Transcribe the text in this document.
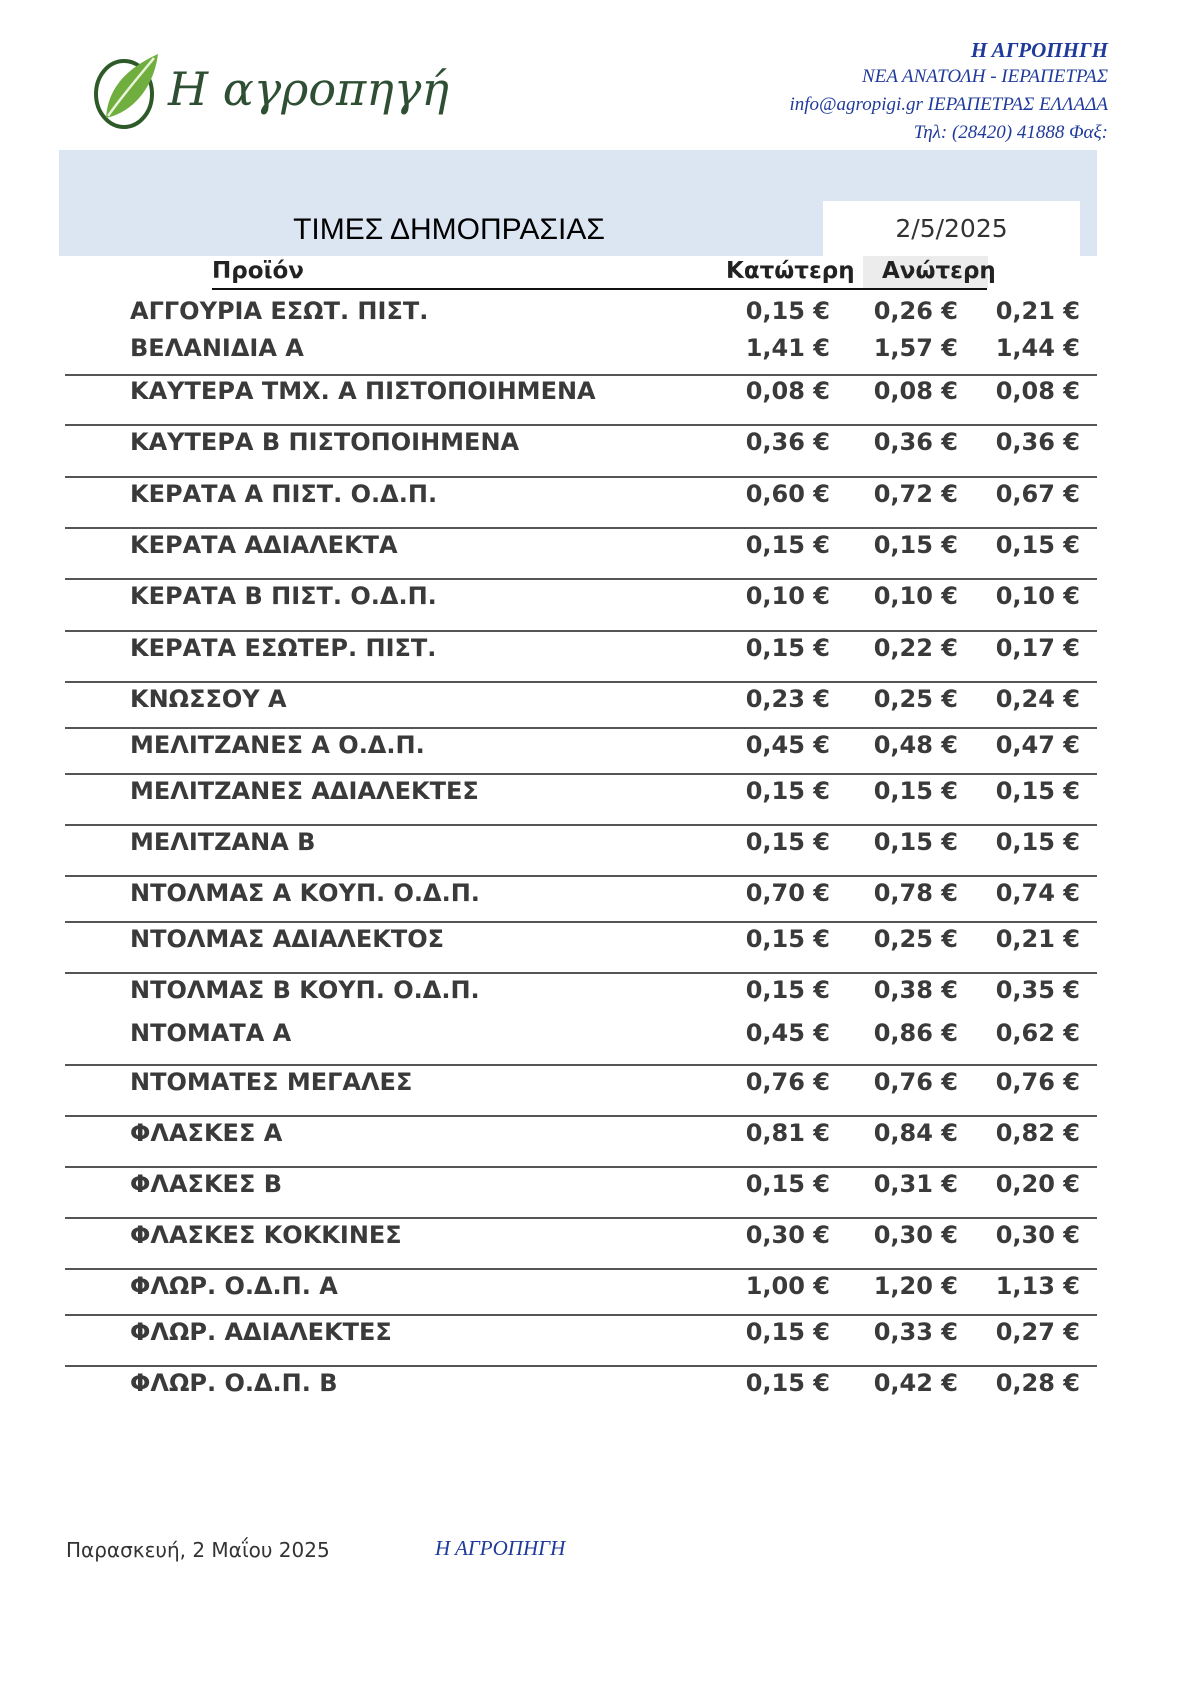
Η αγροπηγή
Η ΑΓΡΟΠΗΓΗ
ΝΕΑ ΑΝΑΤΟΛΗ - ΙΕΡΑΠΕΤΡΑΣ
info@agropigi.gr ΙΕΡΑΠΕΤΡΑΣ ΕΛΛΑΔΑ
Τηλ: (28420) 41888 Φαξ:
ΤΙΜΕΣ ΔΗΜΟΠΡΑΣΙΑΣ	2/5/2025
Προϊόν	Κατώτερη Ανώτερη
ΑΓΓΟΥΡΙΑ ΕΣΩΤ. ΠΙΣΤ.	0,15 €	0,26 €	0,21 €
ΒΕΛΑΝΙΔΙΑ Α	1,41 €	1,57 €	1,44 €
ΚΑΥΤΕΡΑ ΤΜΧ. Α ΠΙΣΤΟΠΟΙΗΜΕΝΑ	0,08 €	0,08 €	0,08 €
ΚΑΥΤΕΡΑ Β ΠΙΣΤΟΠΟΙΗΜΕΝΑ	0,36 €	0,36 €	0,36 €
ΚΕΡΑΤΑ Α ΠΙΣΤ. Ο.Δ.Π.	0,60 €	0,72 €	0,67 €
ΚΕΡΑΤΑ ΑΔΙΑΛΕΚΤΑ	0,15 €	0,15 €	0,15 €
ΚΕΡΑΤΑ Β ΠΙΣΤ. Ο.Δ.Π.	0,10 €	0,10 €	0,10 €
ΚΕΡΑΤΑ ΕΣΩΤΕΡ. ΠΙΣΤ.	0,15 €	0,22 €	0,17 €
ΚΝΩΣΣΟΥ Α	0,23 €	0,25 €	0,24 €
ΜΕΛΙΤΖΑΝΕΣ Α Ο.Δ.Π.	0,45 €	0,48 €	0,47 €
ΜΕΛΙΤΖΑΝΕΣ ΑΔΙΑΛΕΚΤΕΣ	0,15 €	0,15 €	0,15 €
ΜΕΛΙΤΖΑΝΑ Β	0,15 €	0,15 €	0,15 €
ΝΤΟΛΜΑΣ Α ΚΟΥΠ. Ο.Δ.Π.	0,70 €	0,78 €	0,74 €
ΝΤΟΛΜΑΣ ΑΔΙΑΛΕΚΤΟΣ	0,15 €	0,25 €	0,21 €
ΝΤΟΛΜΑΣ Β ΚΟΥΠ. Ο.Δ.Π.	0,15 €	0,38 €	0,35 €
ΝΤΟΜΑΤΑ Α	0,45 €	0,86 €	0,62 €
ΝΤΟΜΑΤΕΣ ΜΕΓΑΛΕΣ	0,76 €	0,76 €	0,76 €
ΦΛΑΣΚΕΣ Α	0,81 €	0,84 €	0,82 €
ΦΛΑΣΚΕΣ Β	0,15 €	0,31 €	0,20 €
ΦΛΑΣΚΕΣ ΚΟΚΚΙΝΕΣ	0,30 €	0,30 €	0,30 €
ΦΛΩΡ. Ο.Δ.Π. Α	1,00 €	1,20 €	1,13 €
ΦΛΩΡ. ΑΔΙΑΛΕΚΤΕΣ	0,15 €	0,33 €	0,27 €
ΦΛΩΡ. Ο.Δ.Π. Β	0,15 €	0,42 €	0,28 €
Παρασκευή, 2 Μαΐου 2025	Η ΑΓΡΟΠΗΓΗ
